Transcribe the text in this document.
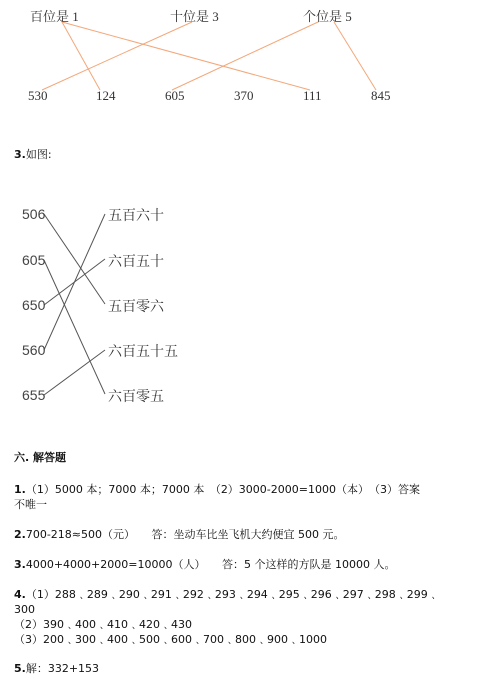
百位是 1	十位是 3	个位是 5
530	124	605	370	111	845
3.如图:
506
605
650
560
655
五百六十
六百五十
五百零六
六百五十五
六百零五
六. 解答题
1.（1）5000 本；7000 本；7000 本　（2）3000-2000=1000（本）　（3）答案
不唯一
2.700-218≈500（元）　　答：坐动车比坐飞机大约便宜 500 元。
3.4000+4000+2000=10000（人）　　答：5 个这样的方队是 10000 人。
4.（1）288﹑289﹑290﹑291﹑292﹑293﹑294﹑295﹑296﹑297﹑298﹑299﹑
300
（2）390﹑400﹑410﹑420﹑430
（3）200﹑300﹑400﹑500﹑600﹑700﹑800﹑900﹑1000
5.解：332+153
